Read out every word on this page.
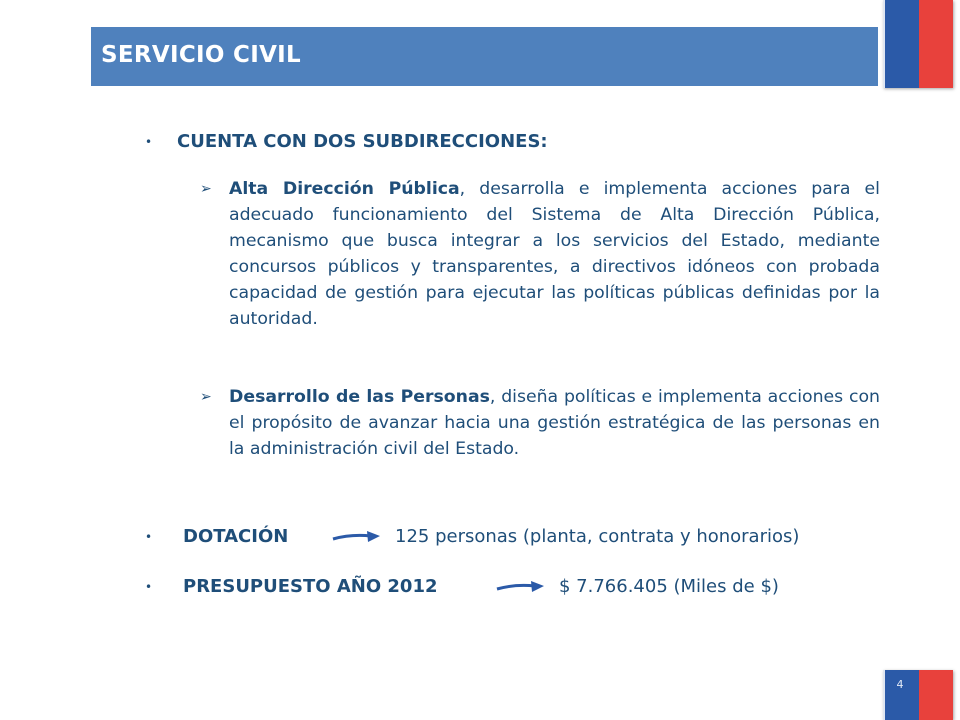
SERVICIO CIVIL
• CUENTA CON DOS SUBDIRECCIONES:
➢ Alta Dirección Pública, desarrolla e implementa acciones para el adecuado funcionamiento del Sistema de Alta Dirección Pública, mecanismo que busca integrar a los servicios del Estado, mediante concursos públicos y transparentes, a directivos idóneos con probada capacidad de gestión para ejecutar las políticas públicas definidas por la autoridad.
➢ Desarrollo de las Personas, diseña políticas e implementa acciones con el propósito de avanzar hacia una gestión estratégica de las personas en la administración civil del Estado.
• DOTACIÓN	125 personas (planta, contrata y honorarios)
• PRESUPUESTO AÑO 2012	$ 7.766.405 (Miles de $)
4
